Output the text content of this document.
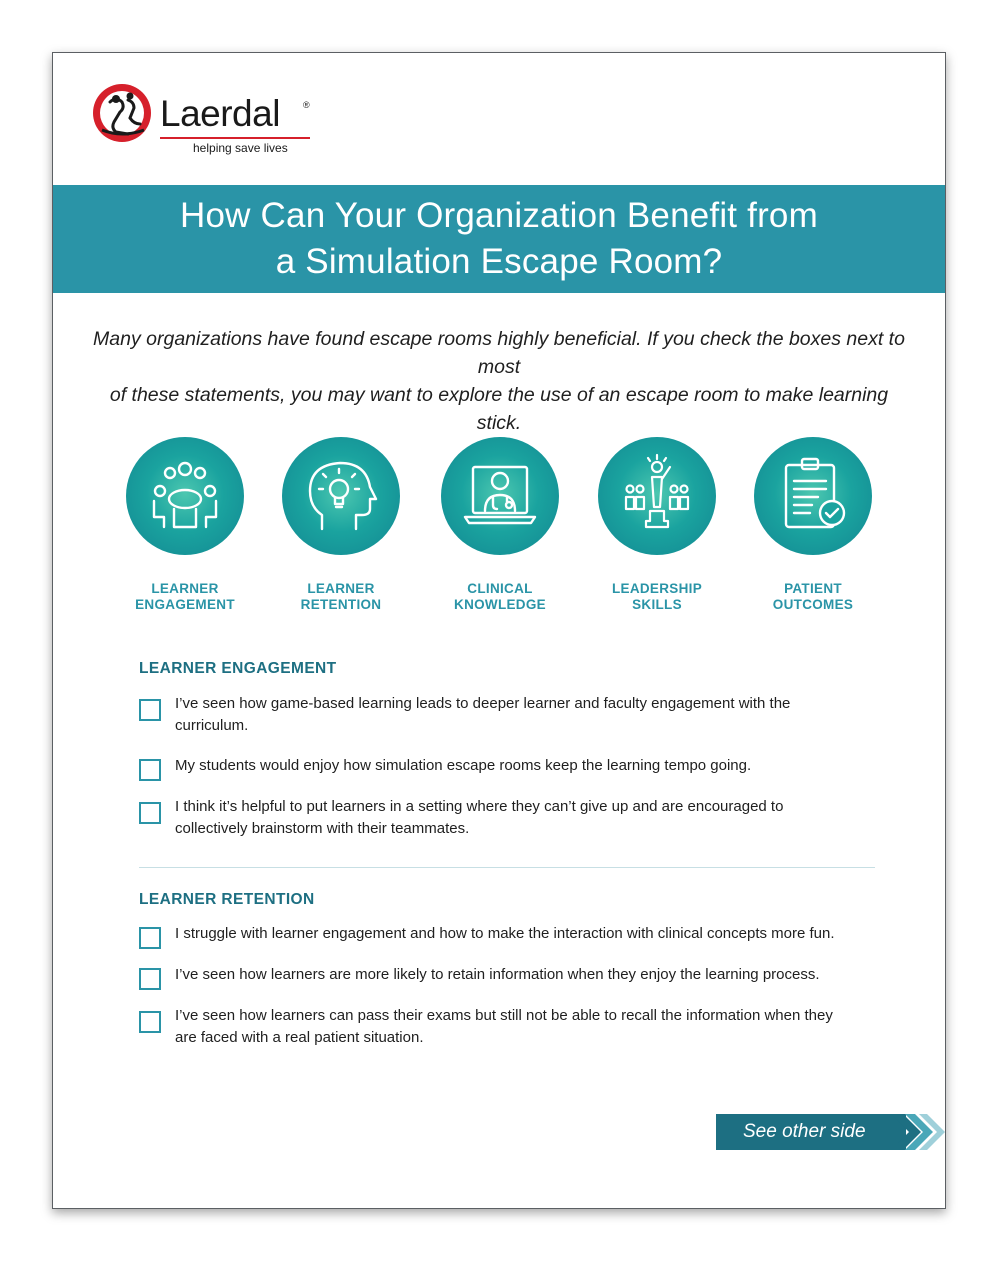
Laerdal	®
helping save lives
How Can Your Organization Benefit from
a Simulation Escape Room?
Many organizations have found escape rooms highly beneficial. If you check the boxes next to most
of these statements, you may want to explore the use of an escape room to make learning stick.
LEARNER
ENGAGEMENT
LEARNER
RETENTION
CLINICAL
KNOWLEDGE
LEADERSHIP
SKILLS
PATIENT
OUTCOMES
LEARNER ENGAGEMENT
I’ve seen how game-based learning leads to deeper learner and faculty engagement with the
curriculum.
My students would enjoy how simulation escape rooms keep the learning tempo going.
I think it’s helpful to put learners in a setting where they can’t give up and are encouraged to
collectively brainstorm with their teammates.
LEARNER RETENTION
I struggle with learner engagement and how to make the interaction with clinical concepts more fun.
I’ve seen how learners are more likely to retain information when they enjoy the learning process.
I’ve seen how learners can pass their exams but still not be able to recall the information when they
are faced with a real patient situation.
See other side
